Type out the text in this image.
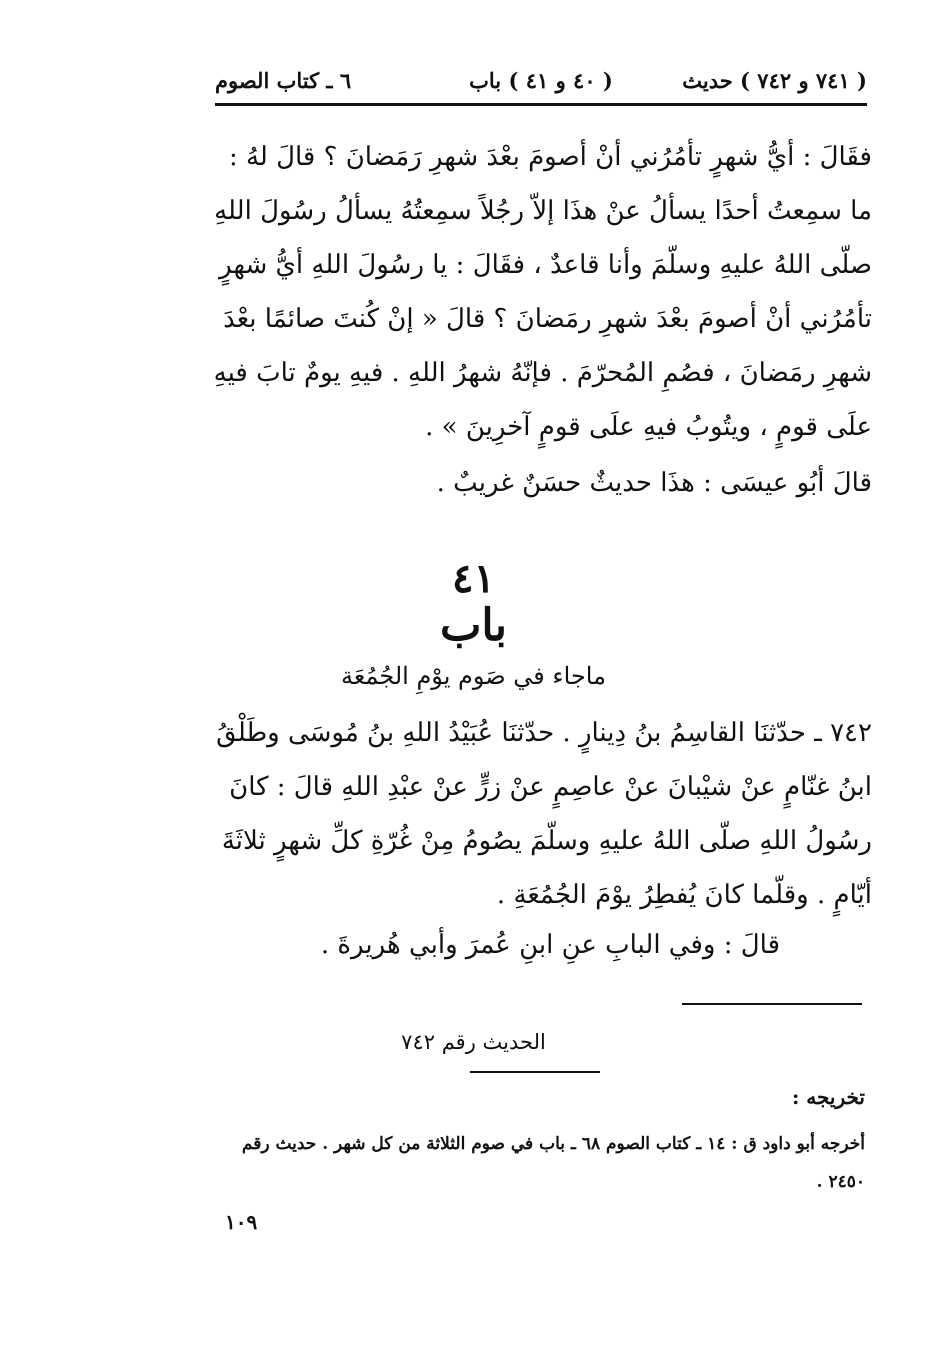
٦ ـ كتاب الصوم	( ٤٠ و ٤١ ) باب	( ٧٤١ و ٧٤٢ ) حديث
فقَالَ : أيُّ شهرٍ تأمُرُني أنْ أصومَ بعْدَ شهرِ رَمَضانَ ؟ قالَ لهُ : ما سمِعتُ أحدًا يسألُ عنْ هذَا إلاّ رجُلاً سمِعتُهُ يسألُ رسُولَ اللهِ صلّى اللهُ عليهِ وسلّمَ وأنا قاعدٌ ، فقَالَ : يا رسُولَ اللهِ أيُّ شهرٍ تأمُرُني أنْ أصومَ بعْدَ شهرِ رمَضانَ ؟ قالَ « إنْ كُنتَ صائمًا بعْدَ شهرِ رمَضانَ ، فصُمِ المُحرّمَ . فإنّهُ شهرُ اللهِ . فيهِ يومٌ تابَ فيهِ علَى قومٍ ، ويتُوبُ فيهِ علَى قومٍ آخرِينَ » .
قالَ أبُو عيسَى : هذَا حديثٌ حسَنٌ غريبٌ .
٤١
باب
ماجاء في صَوم يوْمِ الجُمُعَة
٧٤٢ ـ حدّثنَا القاسِمُ بنُ دِينارٍ . حدّثنَا عُبَيْدُ اللهِ بنُ مُوسَى وطَلْقُ ابنُ غنّامٍ عنْ شيْبانَ عنْ عاصِمٍ عنْ زرٍّ عنْ عبْدِ اللهِ قالَ : كانَ رسُولُ اللهِ صلّى اللهُ عليهِ وسلّمَ يصُومُ مِنْ غُرّةِ كلِّ شهرٍ ثلاثَةَ أيّامٍ . وقلّما كانَ يُفطِرُ يوْمَ الجُمُعَةِ .
قالَ : وفي البابِ عنِ ابنِ عُمرَ وأبي هُريرةَ .
الحديث رقم ٧٤٢
تخريجه :
أخرجه أبو داود ق : ١٤ ـ كتاب الصوم ٦٨ ـ باب في صوم الثلاثة من كل شهر . حديث رقم ٢٤٥٠ .
١٠٩
